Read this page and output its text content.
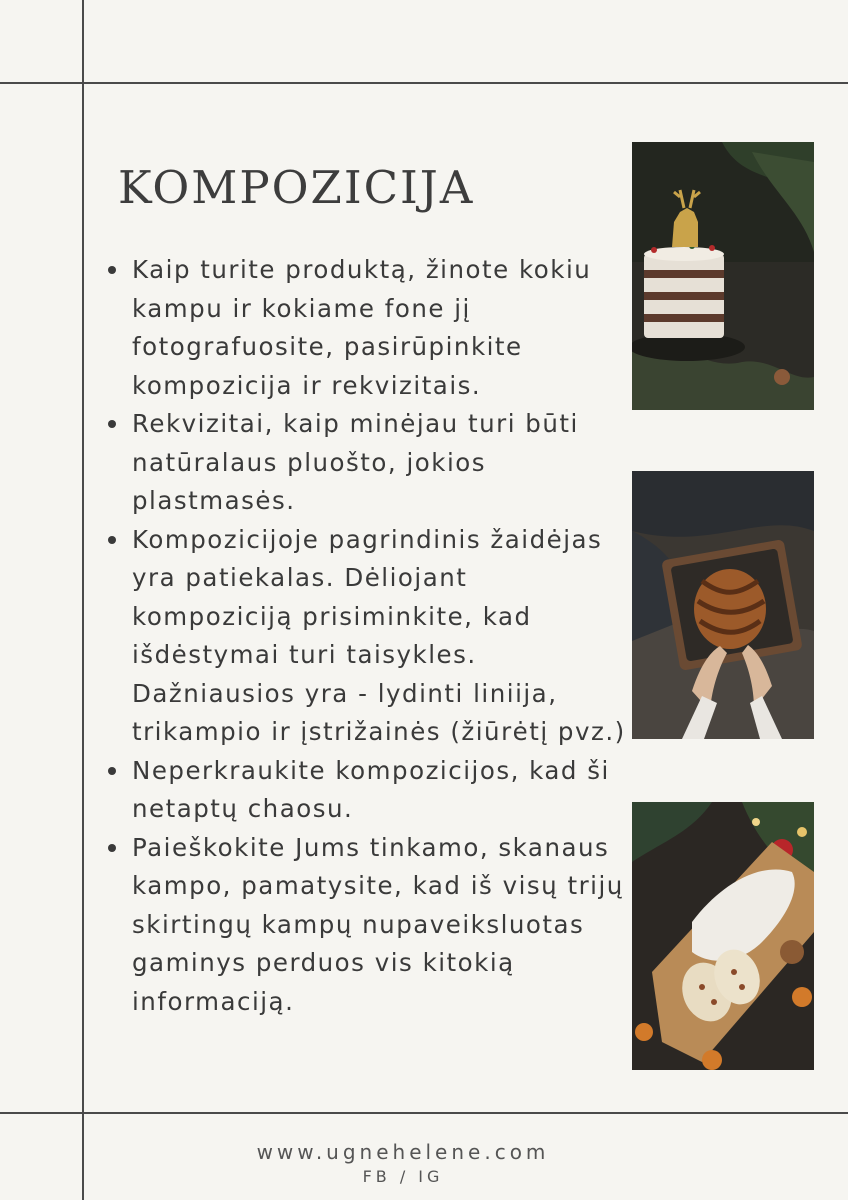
KOMPOZICIJA
Kaip turite produktą, žinote kokiu kampu ir kokiame fone jį fotografuosite, pasirūpinkite kompozicija ir rekvizitais.
Rekvizitai, kaip minėjau turi būti natūralaus pluošto, jokios plastmasės.
Kompozicijoje pagrindinis žaidėjas yra patiekalas. Dėliojant kompoziciją prisiminkite, kad išdėstymai turi taisykles. Dažniausios yra - lydinti liniija, trikampio ir įstrižainės (žiūrėtį pvz.)
Neperkraukite kompozicijos, kad ši netaptų chaosu.
Paieškokite Jums tinkamo, skanaus kampo, pamatysite, kad iš visų trijų skirtingų kampų nupaveiksluotas gaminys perduos vis kitokią informaciją.
www.ugnehelene.com
FB / IG
